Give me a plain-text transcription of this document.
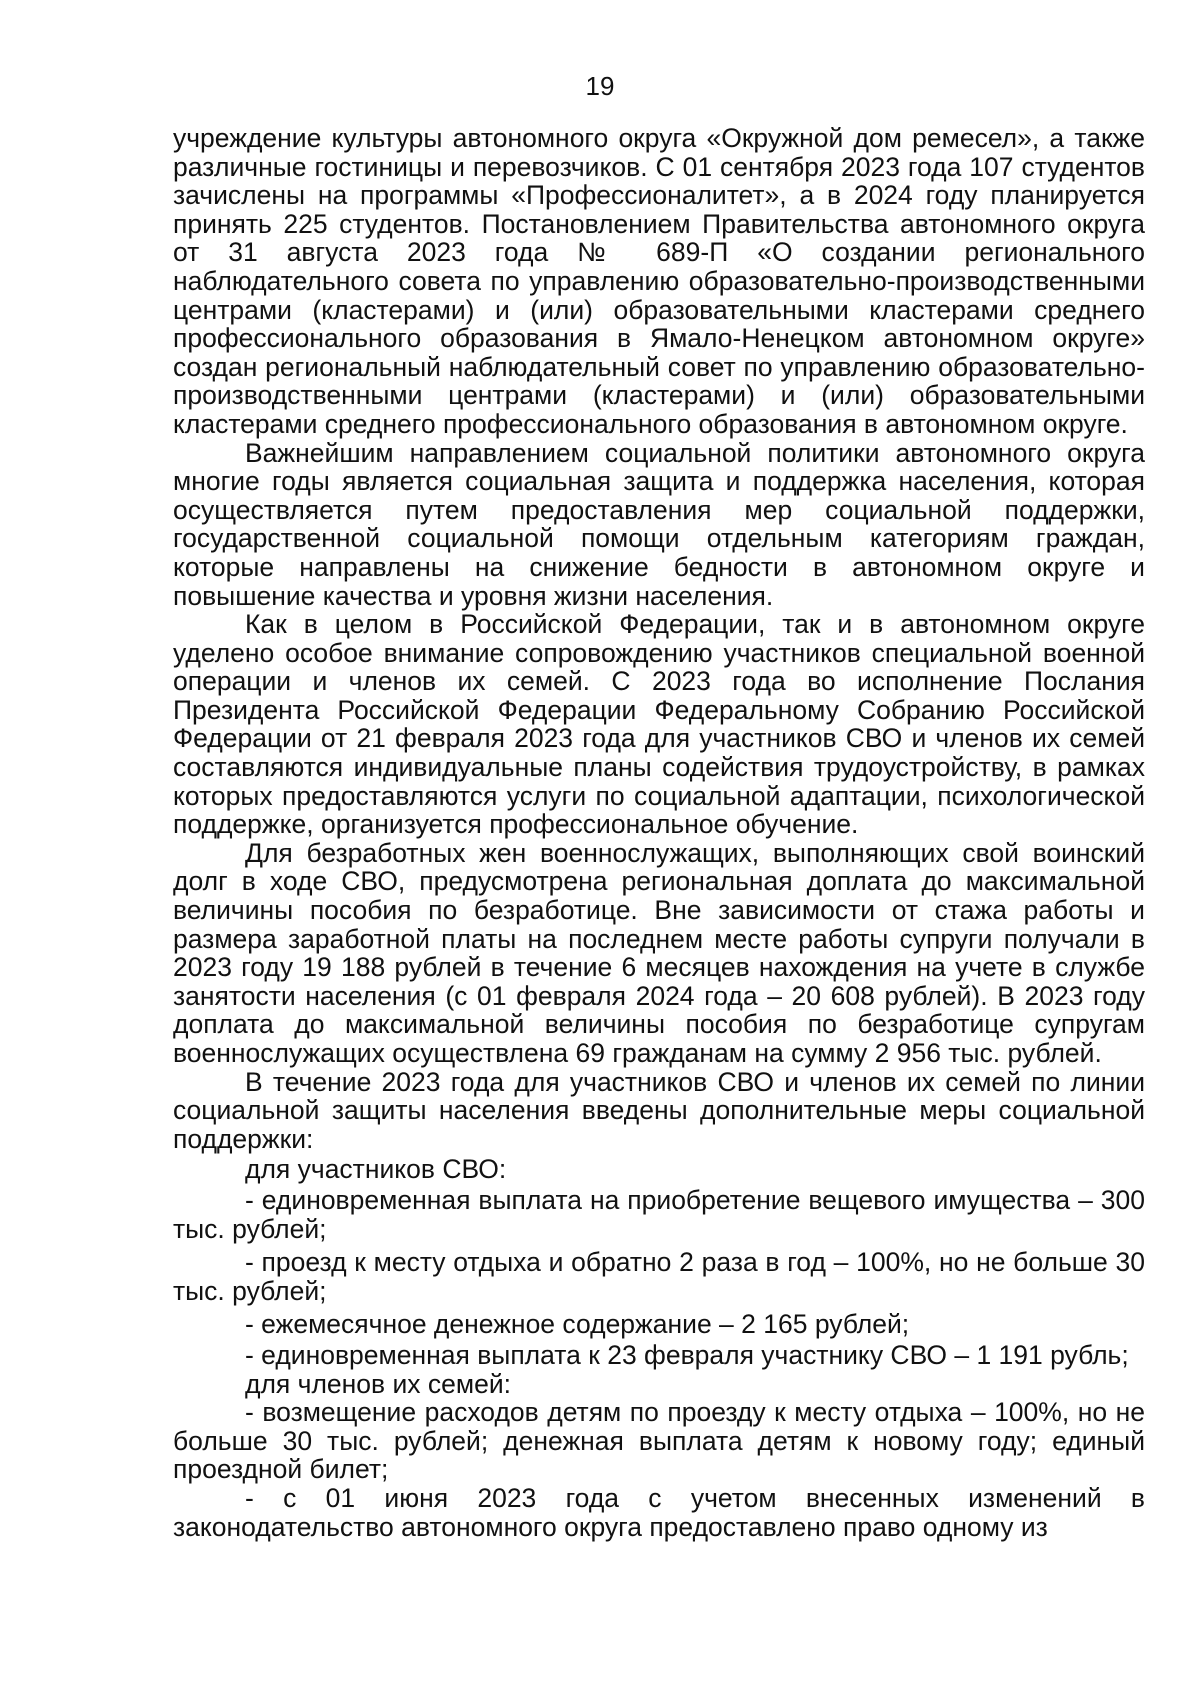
19

учреждение культуры автономного округа «Окружной дом ремесел», а также различные гостиницы и перевозчиков. С 01 сентября 2023 года 107 студентов зачислены на программы «Профессионалитет», а в 2024 году планируется принять 225 студентов. Постановлением Правительства автономного округа от 31 августа 2023 года № 689-П «О создании регионального наблюдательного совета по управлению образовательно-производственными центрами (кластерами) и (или) образовательными кластерами среднего профессионального образования в Ямало-Ненецком автономном округе» создан региональный наблюдательный совет по управлению образовательно-производственными центрами (кластерами) и (или) образовательными кластерами среднего профессионального образования в автономном округе.

Важнейшим направлением социальной политики автономного округа многие годы является социальная защита и поддержка населения, которая осуществляется путем предоставления мер социальной поддержки, государственной социальной помощи отдельным категориям граждан, которые направлены на снижение бедности в автономном округе и повышение качества и уровня жизни населения.

Как в целом в Российской Федерации, так и в автономном округе уделено особое внимание сопровождению участников специальной военной операции и членов их семей. С 2023 года во исполнение Послания Президента Российской Федерации Федеральному Собранию Российской Федерации от 21 февраля 2023 года для участников СВО и членов их семей составляются индивидуальные планы содействия трудоустройству, в рамках которых предоставляются услуги по социальной адаптации, психологической поддержке, организуется профессиональное обучение.

Для безработных жен военнослужащих, выполняющих свой воинский долг в ходе СВО, предусмотрена региональная доплата до максимальной величины пособия по безработице. Вне зависимости от стажа работы и размера заработной платы на последнем месте работы супруги получали в 2023 году 19 188 рублей в течение 6 месяцев нахождения на учете в службе занятости населения (с 01 февраля 2024 года – 20 608 рублей). В 2023 году доплата до максимальной величины пособия по безработице супругам военнослужащих осуществлена 69 гражданам на сумму 2 956 тыс. рублей.

В течение 2023 года для участников СВО и членов их семей по линии социальной защиты населения введены дополнительные меры социальной поддержки:

для участников СВО:

- единовременная выплата на приобретение вещевого имущества – 300 тыс. рублей;

- проезд к месту отдыха и обратно 2 раза в год – 100%, но не больше 30 тыс. рублей;

- ежемесячное денежное содержание – 2 165 рублей;

- единовременная выплата к 23 февраля участнику СВО – 1 191 рубль;

для членов их семей:

- возмещение расходов детям по проезду к месту отдыха – 100%, но не больше 30 тыс. рублей; денежная выплата детям к новому году; единый проездной билет;

- с 01 июня 2023 года с учетом внесенных изменений в законодательство автономного округа предоставлено право одному из
